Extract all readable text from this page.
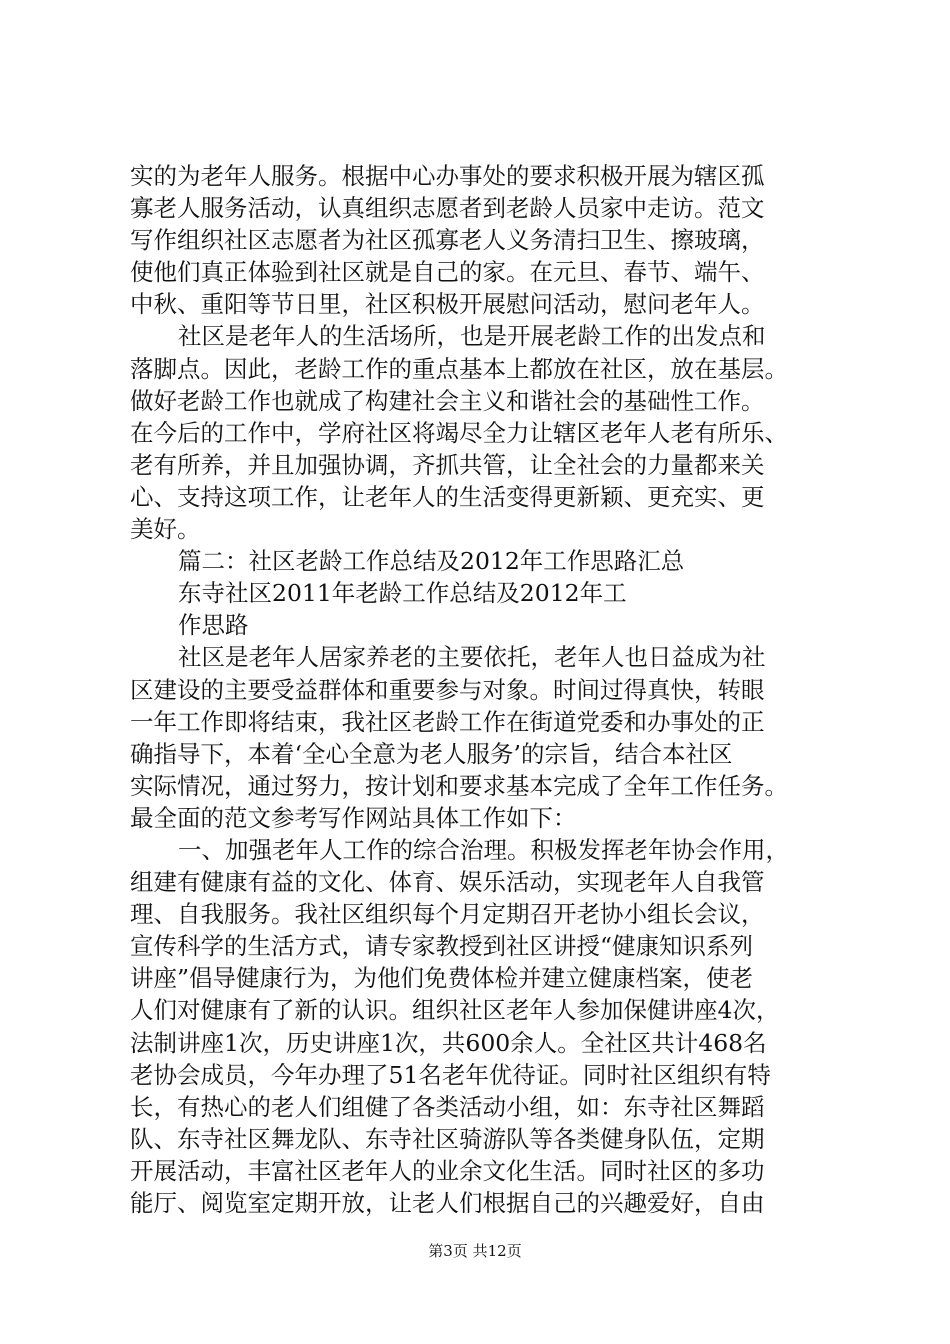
实的为老年人服务。根据中心办事处的要求积极开展为辖区孤
寡老人服务活动，认真组织志愿者到老龄人员家中走访。范文
写作组织社区志愿者为社区孤寡老人义务清扫卫生、擦玻璃，
使他们真正体验到社区就是自己的家。在元旦、春节、端午、
中秋、重阳等节日里，社区积极开展慰问活动，慰问老年人。
社区是老年人的生活场所，也是开展老龄工作的出发点和
落脚点。因此，老龄工作的重点基本上都放在社区，放在基层。
做好老龄工作也就成了构建社会主义和谐社会的基础性工作。
在今后的工作中，学府社区将竭尽全力让辖区老年人老有所乐、
老有所养，并且加强协调，齐抓共管，让全社会的力量都来关
心、支持这项工作，让老年人的生活变得更新颖、更充实、更
美好。
篇二：社区老龄工作总结及2012年工作思路汇总
东寺社区2011年老龄工作总结及2012年工
作思路
社区是老年人居家养老的主要依托，老年人也日益成为社
区建设的主要受益群体和重要参与对象。时间过得真快，转眼
一年工作即将结束，我社区老龄工作在街道党委和办事处的正
确指导下，本着‘全心全意为老人服务’的宗旨，结合本社区
实际情况，通过努力，按计划和要求基本完成了全年工作任务。
最全面的范文参考写作网站具体工作如下：
一、加强老年人工作的综合治理。积极发挥老年协会作用，
组建有健康有益的文化、体育、娱乐活动，实现老年人自我管
理、自我服务。我社区组织每个月定期召开老协小组长会议，
宣传科学的生活方式，请专家教授到社区讲授“健康知识系列
讲座”倡导健康行为，为他们免费体检并建立健康档案，使老
人们对健康有了新的认识。组织社区老年人参加保健讲座4次，
法制讲座1次，历史讲座1次，共600余人。全社区共计468名
老协会成员，今年办理了51名老年优待证。同时社区组织有特
长，有热心的老人们组健了各类活动小组，如：东寺社区舞蹈
队、东寺社区舞龙队、东寺社区骑游队等各类健身队伍，定期
开展活动，丰富社区老年人的业余文化生活。同时社区的多功
能厅、阅览室定期开放，让老人们根据自己的兴趣爱好，自由
第3页 共12页
